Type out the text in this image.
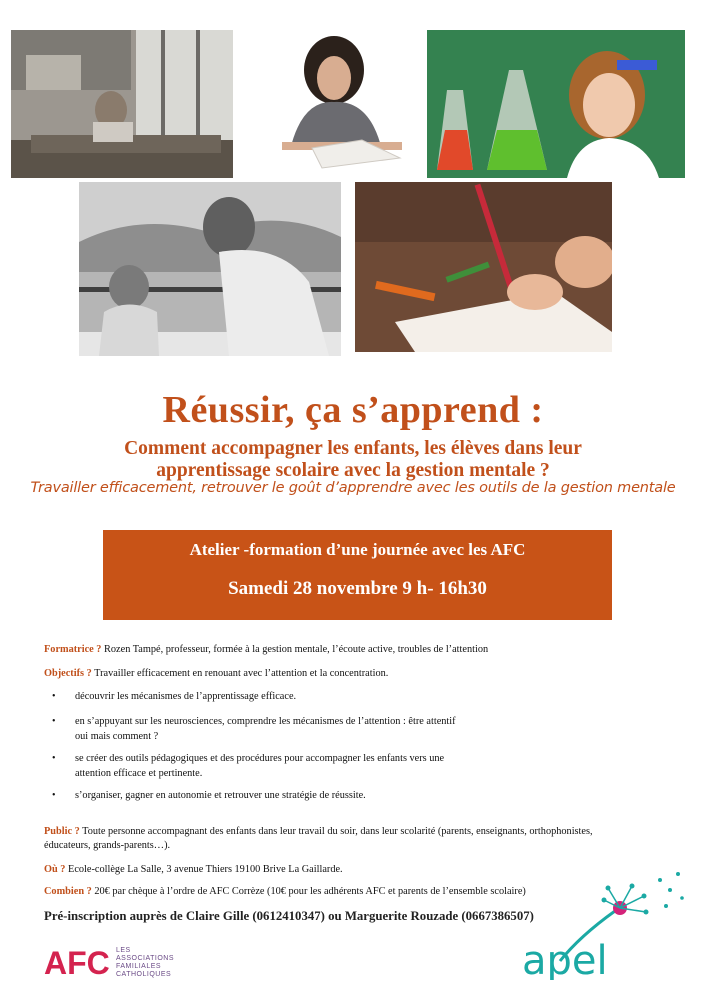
Réussir, ça s’apprend :
Comment accompagner les enfants, les élèves dans leur
apprentissage scolaire avec la gestion mentale ?
Travailler efficacement, retrouver le goût d’apprendre avec les outils de la gestion mentale
Atelier -formation d’une journée avec les AFC
Samedi 28 novembre 9 h- 16h30
Formatrice ? Rozen Tampé, professeur, formée à la gestion mentale, l’écoute active, troubles de l’attention
Objectifs ? Travailler efficacement en renouant avec l’attention et la concentration.
• découvrir les mécanismes de l’apprentissage efficace.
• en s’appuyant sur les neurosciences, comprendre les mécanismes de l’attention : être attentif
oui mais comment ?
• se créer des outils pédagogiques et des procédures pour accompagner les enfants vers une
attention efficace et pertinente.
• s’organiser, gagner en autonomie et retrouver une stratégie de réussite.
Public ? Toute personne accompagnant des enfants dans leur travail du soir, dans leur scolarité (parents, enseignants, orthophonistes,
éducateurs, grands-parents…).
Où ? Ecole-collège La Salle, 3 avenue Thiers 19100 Brive La Gaillarde.
Combien ? 20€ par chèque à l’ordre de AFC Corrèze (10€ pour les adhérents AFC et parents de l’ensemble scolaire)
Pré-inscription auprès de Claire Gille (0612410347) ou Marguerite Rouzade (0667386507)
AFC LES
ASSOCIATIONS
FAMILIALES
CATHOLIQUES	apel
